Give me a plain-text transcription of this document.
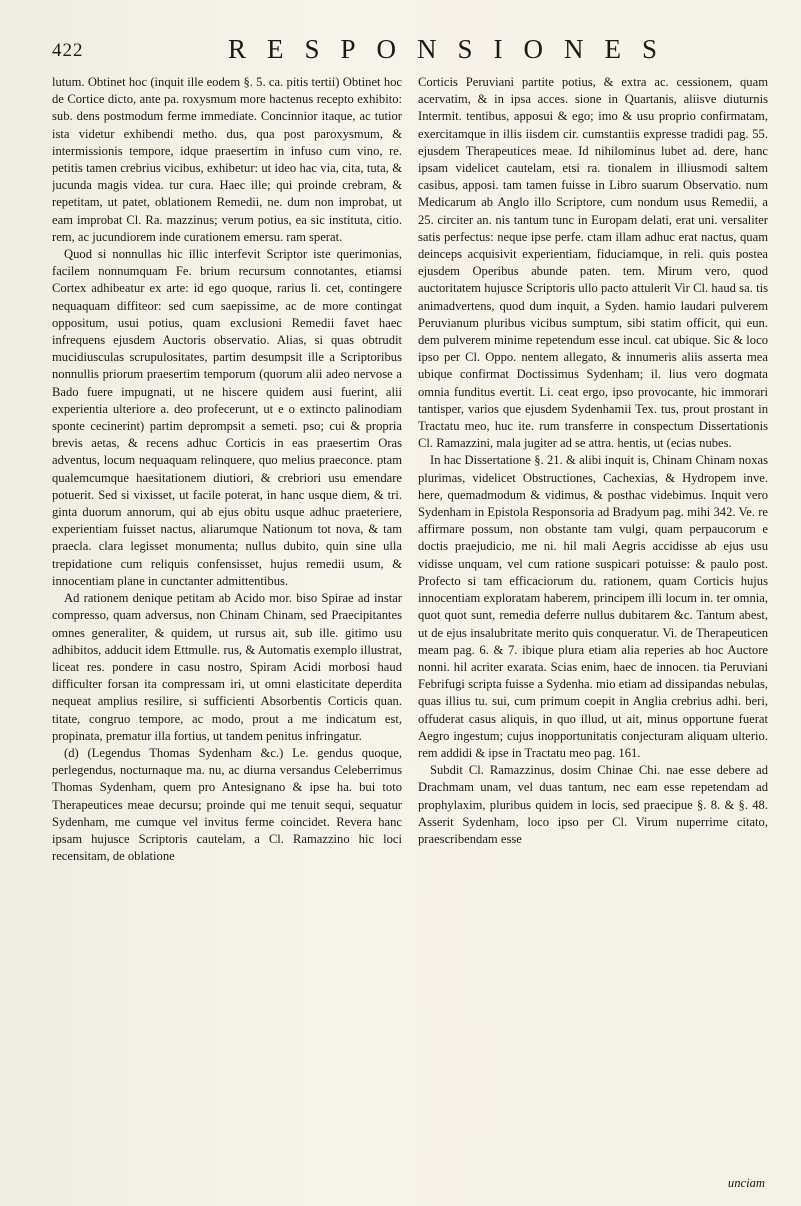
422	RESPONSIONES

lutum. Obtinet hoc (inquit ille eodem §. 5. ca. pitis tertii) Obtinet hoc de Cortice dicto, ante pa. roxysmum more hactenus recepto exhibito: sub. dens postmodum ferme immediate. Concinnior itaque, ac tutior ista videtur exhibendi metho. dus, qua post paroxysmum, & intermissionis tempore, idque praesertim in infuso cum vino, re. petitis tamen crebrius vicibus, exhibetur: ut ideo hac via, cita, tuta, & jucunda magis videa. tur cura. Haec ille; qui proinde crebram, & repetitam, ut patet, oblationem Remedii, ne. dum non improbat, ut eam improbat Cl. Ra. mazzinus; verum potius, ea sic instituta, citio. rem, ac jucundiorem inde curationem emersu. ram sperat.

Quod si nonnullas hic illic interfevit Scriptor iste querimonias, facilem nonnumquam Fe. brium recursum connotantes, etiamsi Cortex adhibeatur ex arte: id ego quoque, rarius li. cet, contingere nequaquam diffiteor: sed cum saepissime, ac de more contingat oppositum, usui potius, quam exclusioni Remedii favet haec infrequens ejusdem Auctoris observatio. Alias, si quas obtrudit mucidiusculas scrupulositates, partim desumpsit ille a Scriptoribus nonnullis priorum praesertim temporum (quorum alii adeo nervose a Bado fuere impugnati, ut ne hiscere quidem ausi fuerint, alii experientia ulteriore a. deo profecerunt, ut e o extincto palinodiam sponte cecinerint) partim deprompsit a semeti. pso; cui & propria brevis aetas, & recens adhuc Corticis in eas praesertim Oras adventus, locum nequaquam relinquere, quo melius praeconce. ptam qualemcumque haesitationem diutiori, & crebriori usu emendare potuerit. Sed si vixisset, ut facile poterat, in hanc usque diem, & tri. ginta duorum annorum, qui ab ejus obitu usque adhuc praeteriere, experientiam fuisset nactus, aliarumque Nationum tot nova, & tam praecla. clara legisset monumenta; nullus dubito, quin sine ulla trepidatione cum reliquis confensisset, hujus remedii usum, & innocentiam plane in cunctanter admittentibus.

Ad rationem denique petitam ab Acido mor. biso Spirae ad instar compresso, quam adversus, non Chinam Chinam, sed Praecipitantes omnes generaliter, & quidem, ut rursus ait, sub ille. gitimo usu adhibitos, adducit idem Ettmulle. rus, & Automatis exemplo illustrat, liceat res. pondere in casu nostro, Spiram Acidi morbosi haud difficulter forsan ita compressam iri, ut omni elasticitate deperdita nequeat amplius resilire, si sufficienti Absorbentis Corticis quan. titate, congruo tempore, ac modo, prout a me indicatum est, propinata, prematur illa fortius, ut tandem penitus infringatur.

(d) (Legendus Thomas Sydenham &c.) Le. gendus quoque, perlegendus, nocturnaque ma. nu, ac diurna versandus Celeberrimus Thomas Sydenham, quem pro Antesignano & ipse ha. bui toto Therapeutices meae decursu; proinde qui me tenuit sequi, sequatur Sydenham, me cumque vel invitus ferme coincidet. Revera hanc ipsam hujusce Scriptoris cautelam, a Cl. Ramazzino hic loci recensitam, de oblatione

Corticis Peruviani partite potius, & extra ac. cessionem, quam acervatim, & in ipsa acces. sione in Quartanis, aliisve diuturnis Intermit. tentibus, apposui & ego; imo & usu proprio confirmatam, exercitamque in illis iisdem cir. cumstantiis expresse tradidi pag. 55. ejusdem Therapeutices meae. Id nihilominus lubet ad. dere, hanc ipsam videlicet cautelam, etsi ra. tionalem in illiusmodi saltem casibus, apposi. tam tamen fuisse in Libro suarum Observatio. num Medicarum ab Anglo illo Scriptore, cum nondum usus Remedii, a 25. circiter an. nis tantum tunc in Europam delati, erat uni. versaliter satis perfectus: neque ipse perfe. ctam illam adhuc erat nactus, quam deinceps acquisivit experientiam, fiduciamque, in reli. quis postea ejusdem Operibus abunde paten. tem. Mirum vero, quod auctoritatem hujusce Scriptoris ullo pacto attulerit Vir Cl. haud sa. tis animadvertens, quod dum inquit, a Syden. hamio laudari pulverem Peruvianum pluribus vicibus sumptum, sibi statim officit, qui eun. dem pulverem minime repetendum esse incul. cat ubique. Sic & loco ipso per Cl. Oppo. nentem allegato, & innumeris aliis asserta mea ubique confirmat Doctissimus Sydenham; il. lius vero dogmata omnia funditus evertit. Li. ceat ergo, ipso provocante, hic immorari tantisper, varios que ejusdem Sydenhamii Tex. tus, prout prostant in Tractatu meo, huc ite. rum transferre in conspectum Dissertationis Cl. Ramazzini, mala jugiter ad se attra. hentis, ut (ecias nubes.

In hac Dissertatione §. 21. & alibi inquit is, Chinam Chinam noxas plurimas, videlicet Obstructiones, Cachexias, & Hydropem inve. here, quemadmodum & vidimus, & posthac videbimus. Inquit vero Sydenham in Epistola Responsoria ad Bradyum pag. mihi 342. Ve. re affirmare possum, non obstante tam vulgi, quam perpaucorum e doctis praejudicio, me ni. hil mali Aegris accidisse ab ejus usu vidisse unquam, vel cum ratione suspicari potuisse: & paulo post. Profecto si tam efficaciorum du. rationem, quam Corticis hujus innocentiam exploratam haberem, principem illi locum in. ter omnia, quot quot sunt, remedia deferre nullus dubitarem &c. Tantum abest, ut de ejus insalubritate merito quis conqueratur. Vi. de Therapeuticen meam pag. 6. & 7. ibique plura etiam alia reperies ab hoc Auctore nonni. hil acriter exarata. Scias enim, haec de innocen. tia Peruviani Febrifugi scripta fuisse a Sydenha. mio etiam ad dissipandas nebulas, quas illius tu. sui, cum primum coepit in Anglia crebrius adhi. beri, offuderat casus aliquis, in quo illud, ut ait, minus opportune fuerat Aegro ingestum; cujus inopportunitatis conjecturam aliquam ulterio. rem addidi & ipse in Tractatu meo pag. 161.

Subdit Cl. Ramazzinus, dosim Chinae Chi. nae esse debere ad Drachmam unam, vel duas tantum, nec eam esse repetendam ad prophylaxim, pluribus quidem in locis, sed praecipue §. 8. & §. 48. Asserit Sydenham, loco ipso per Cl. Virum nuperrime citato, praescribendam esse

unciam
